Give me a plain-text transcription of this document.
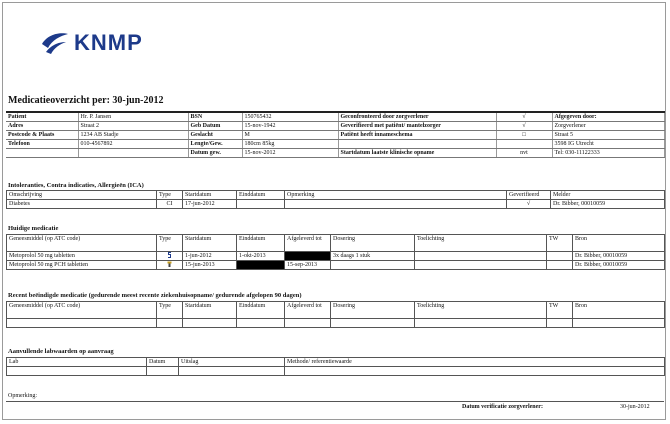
KNMP
Medicatieoverzicht per: 30-jun-2012
Patient	Hr. P. Jansen	BSN	150765432	Geconfronteerd door zorgverlener	√	Afgegeven door:
Adres	Straat 2	Geb Datum	15-nov-1942	Geverifieerd met patiënt/ mantelzorger	√	Zorgverlener
Postcode & Plaats	1234 AB Stadje	Geslacht	M	Patiënt heeft innameschema	□	Straat 5
Telefoon	010-4567892	Lengte/Gew.	180cm 85kg			3598 IG Utrecht
		Datum gew.	15-nov-2012	Startdatum laatste klinische opname	nvt	Tel: 030-11122333
Intoleranties, Contra indicaties, Allergieën (ICA)
Omschrijving	Type	Startdatum	Einddatum	Opmerking	Geverifieerd	Melder
Diabetes	CI	17-jun-2012			√	Dr. Bibber, 00010059
Huidige medicatie
Geneesmiddel (op ATC code)	Type	Startdatum	Einddatum	Afgeleverd tot	Dosering	Toelichting	TW	Bron
Metoprolol 50 mg tabletten		1-jun-2012	1-okt-2013		3x daags 1 stuk			Dr. Bibber, 00010059
Metoprolol 50 mg PCH tabletten		15-jun-2013		15-sep-2013				Dr. Bibber, 00010059
Recent beëindigde medicatie (gedurende meest recente ziekenhuisopname/ gedurende afgelopen 90 dagen)
Geneesmiddel (op ATC code)	Type	Startdatum	Einddatum	Afgeleverd tot	Dosering	Toelichting	TW	Bron

Aanvullende labwaarden op aanvraag
Lab	Datum	Uitslag	Methode/ referentiewaarde

Opmerking:
Datum verificatie zorgverlener:	30-jun-2012
